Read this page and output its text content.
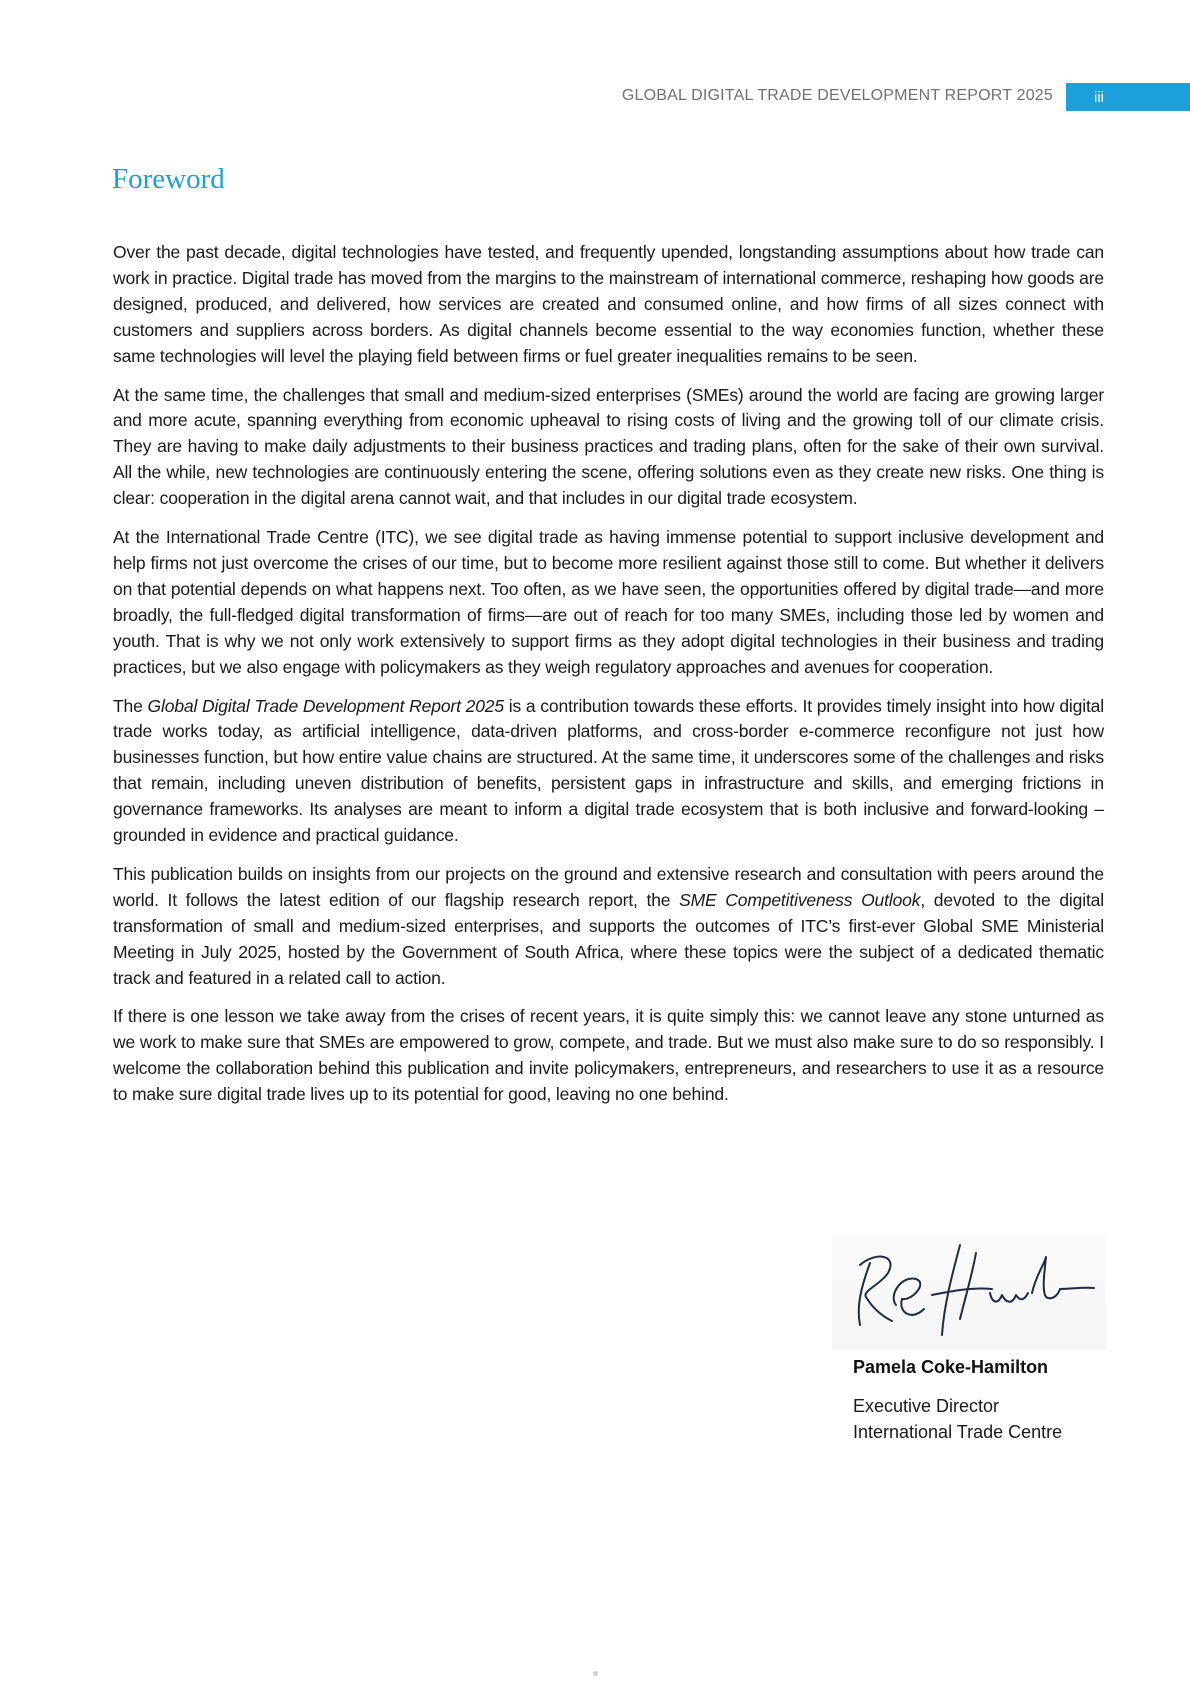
GLOBAL DIGITAL TRADE DEVELOPMENT REPORT 2025	iii
Foreword

Over the past decade, digital technologies have tested, and frequently upended, longstanding assumptions about how trade can work in practice. Digital trade has moved from the margins to the mainstream of international commerce, reshaping how goods are designed, produced, and delivered, how services are created and consumed online, and how firms of all sizes connect with customers and suppliers across borders. As digital channels become essential to the way economies function, whether these same technologies will level the playing field between firms or fuel greater inequalities remains to be seen.

At the same time, the challenges that small and medium-sized enterprises (SMEs) around the world are facing are growing larger and more acute, spanning everything from economic upheaval to rising costs of living and the growing toll of our climate crisis. They are having to make daily adjustments to their business practices and trading plans, often for the sake of their own survival. All the while, new technologies are continuously entering the scene, offering solutions even as they create new risks. One thing is clear: cooperation in the digital arena cannot wait, and that includes in our digital trade ecosystem.

At the International Trade Centre (ITC), we see digital trade as having immense potential to support inclusive development and help firms not just overcome the crises of our time, but to become more resilient against those still to come. But whether it delivers on that potential depends on what happens next. Too often, as we have seen, the opportunities offered by digital trade—and more broadly, the full-fledged digital transformation of firms—are out of reach for too many SMEs, including those led by women and youth. That is why we not only work extensively to support firms as they adopt digital technologies in their business and trading practices, but we also engage with policymakers as they weigh regulatory approaches and avenues for cooperation.

The Global Digital Trade Development Report 2025 is a contribution towards these efforts. It provides timely insight into how digital trade works today, as artificial intelligence, data-driven platforms, and cross-border e-commerce reconfigure not just how businesses function, but how entire value chains are structured. At the same time, it underscores some of the challenges and risks that remain, including uneven distribution of benefits, persistent gaps in infrastructure and skills, and emerging frictions in governance frameworks. Its analyses are meant to inform a digital trade ecosystem that is both inclusive and forward-looking – grounded in evidence and practical guidance.

This publication builds on insights from our projects on the ground and extensive research and consultation with peers around the world. It follows the latest edition of our flagship research report, the SME Competitiveness Outlook, devoted to the digital transformation of small and medium-sized enterprises, and supports the outcomes of ITC’s first-ever Global SME Ministerial Meeting in July 2025, hosted by the Government of South Africa, where these topics were the subject of a dedicated thematic track and featured in a related call to action.

If there is one lesson we take away from the crises of recent years, it is quite simply this: we cannot leave any stone unturned as we work to make sure that SMEs are empowered to grow, compete, and trade. But we must also make sure to do so responsibly. I welcome the collaboration behind this publication and invite policymakers, entrepreneurs, and researchers to use it as a resource to make sure digital trade lives up to its potential for good, leaving no one behind.

Pamela Coke-Hamilton
Executive Director
International Trade Centre
